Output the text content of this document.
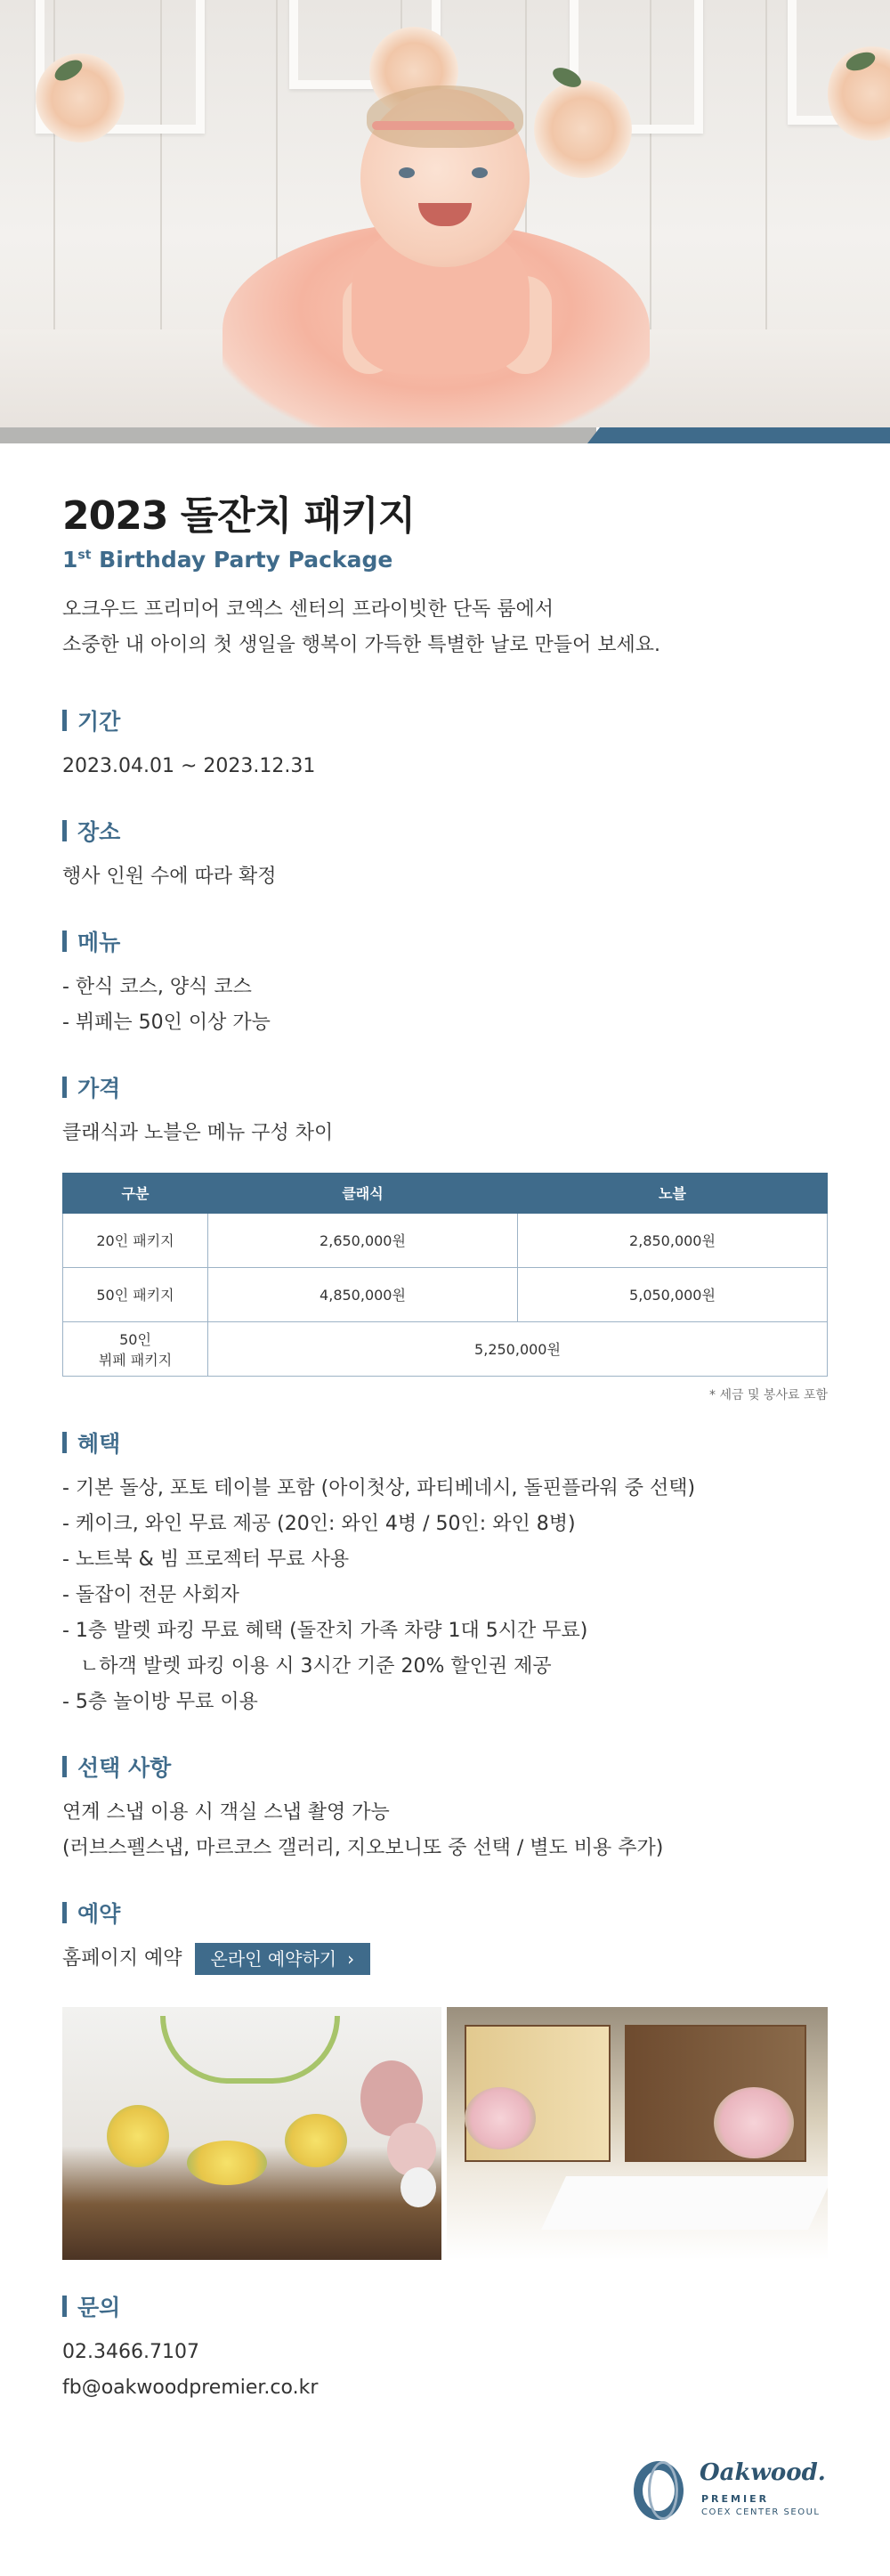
2023 돌잔치 패키지
1st Birthday Party Package
오크우드 프리미어 코엑스 센터의 프라이빗한 단독 룸에서
소중한 내 아이의 첫 생일을 행복이 가득한 특별한 날로 만들어 보세요.
기간
2023.04.01 ~ 2023.12.31
장소
행사 인원 수에 따라 확정
메뉴
- 한식 코스, 양식 코스
- 뷔페는 50인 이상 가능
가격
클래식과 노블은 메뉴 구성 차이
구분	클래식	노블
20인 패키지	2,650,000원	2,850,000원
50인 패키지	4,850,000원	5,050,000원

50인
뷔페 패키지	5,250,000원	
* 세금 및 봉사료 포함
혜택
- 기본 돌상, 포토 테이블 포함 (아이첫상, 파티베네시, 돌핀플라워 중 선택)
- 케이크, 와인 무료 제공 (20인: 와인 4병 / 50인: 와인 8병)
- 노트북 & 빔 프로젝터 무료 사용
- 돌잡이 전문 사회자
- 1층 발렛 파킹 무료 혜택 (돌잔치 가족 차량 1대 5시간 무료)
ㄴ하객 발렛 파킹 이용 시 3시간 기준 20% 할인권 제공
- 5층 놀이방 무료 이용
선택 사항
연계 스냅 이용 시 객실 스냅 촬영 가능
(러브스펠스냅, 마르코스 갤러리, 지오보니또 중 선택 / 별도 비용 추가)
예약
홈페이지 예약 온라인 예약하기 ›
문의
02.3466.7107
fb@oakwoodpremier.co.kr
Oakwood.
PREMIER
COEX CENTER SEOUL
